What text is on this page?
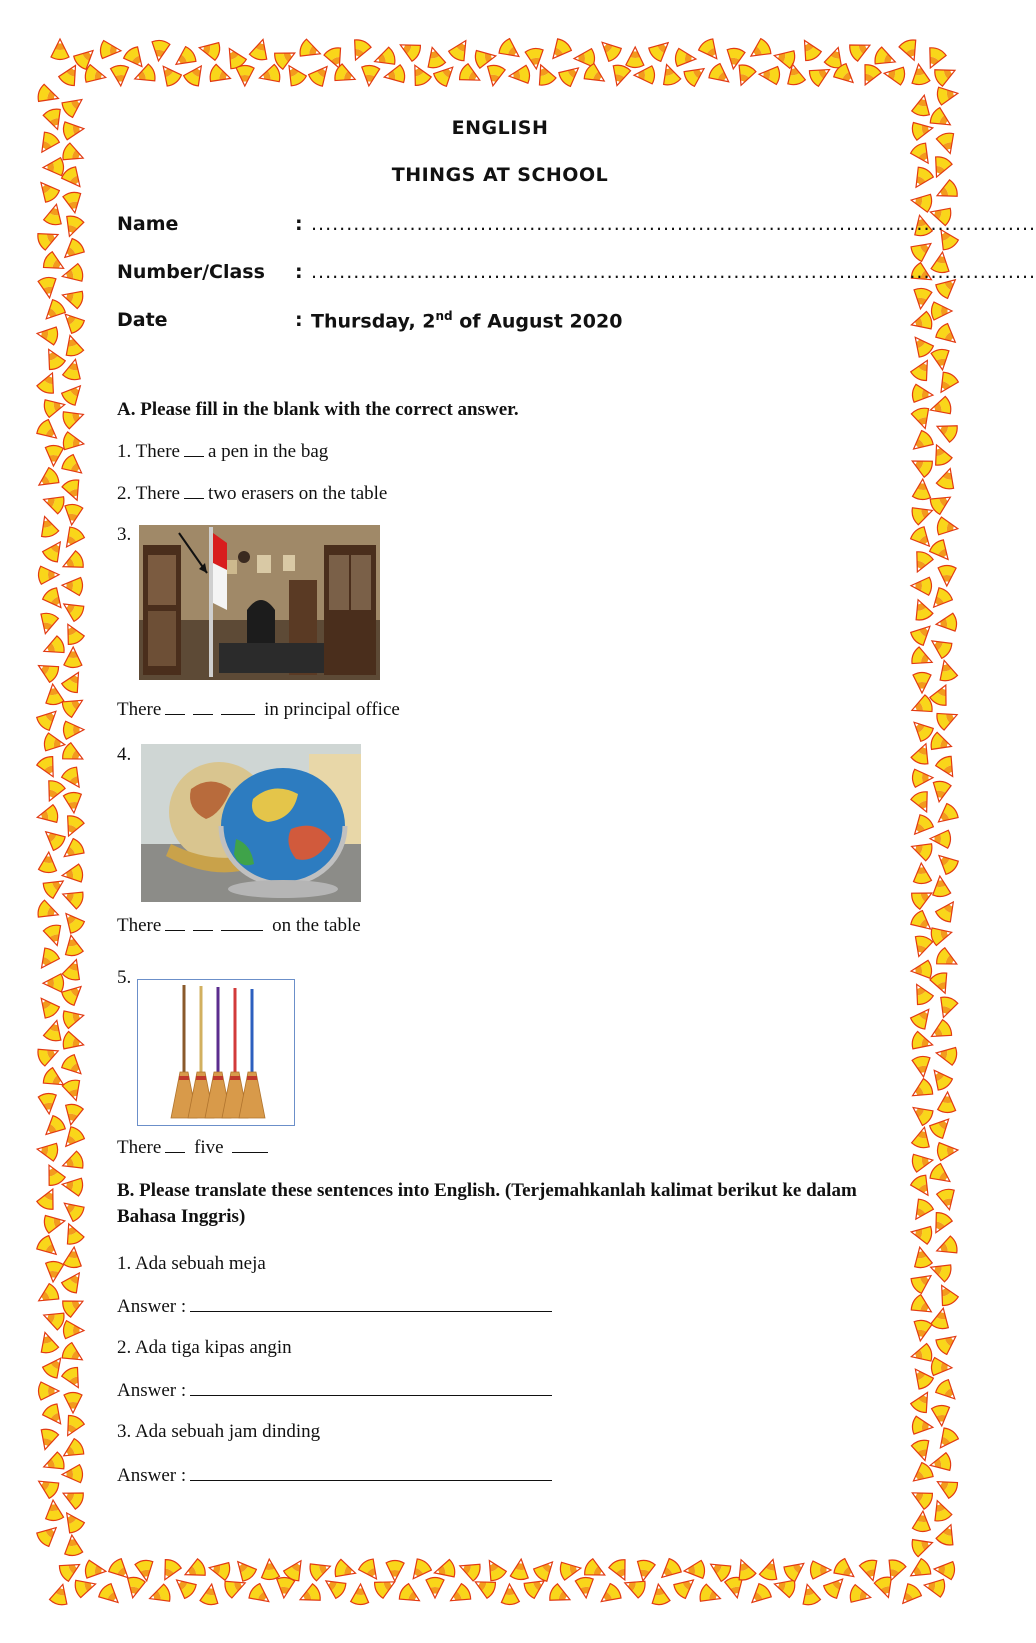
ENGLISH
THINGS AT SCHOOL
Name	: .......................................................................................................
Number/Class : .......................................................................................................
Date	: Thursday, 2nd of August 2020
A. Please fill in the blank with the correct answer.
1. There a pen in the bag
2. There two erasers on the table
3.
There	in principal office
4.
There	on the table
5.
There five
B. Please translate these sentences into English. (Terjemahkanlah kalimat berikut ke dalam Bahasa Inggris)
1. Ada sebuah meja
Answer :
2. Ada tiga kipas angin
Answer :
3. Ada sebuah jam dinding
Answer :
